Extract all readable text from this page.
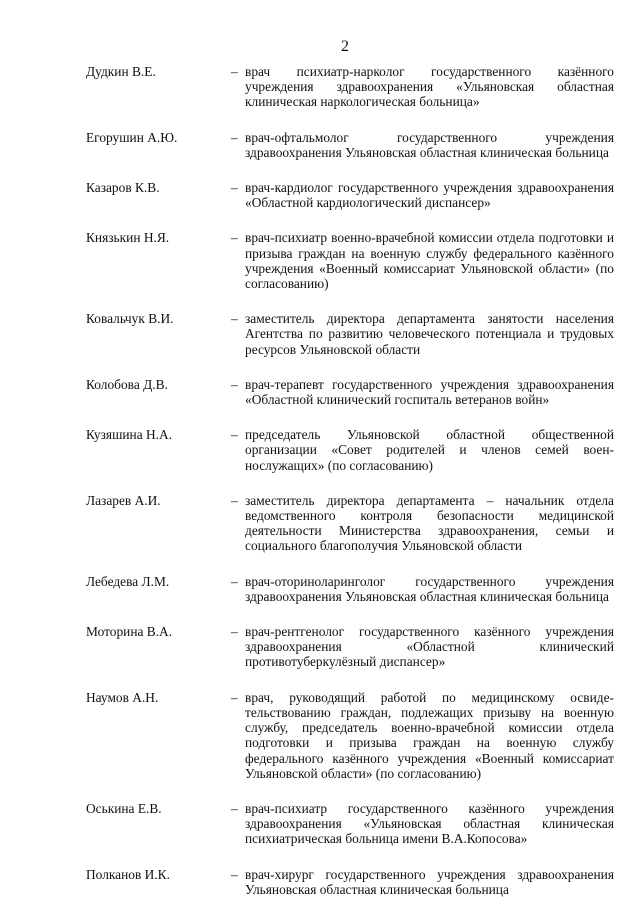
2
Дудкин В.Е.	– врач психиатр-нарколог государственного казённого учреждения здравоохранения «Ульяновская областная клиническая наркологическая больница»
Егорушин А.Ю.	– врач-офтальмолог государственного учреждения здравоохранения Ульяновская областная клиническая больница
Казаров К.В.	– врач-кардиолог государственного учреждения здравоохранения «Областной кардиологический диспансер»
Князькин Н.Я.	– врач-психиатр военно-врачебной комиссии отдела подготовки и призыва граждан на военную службу федерального казённого учреждения «Военный комиссариат Ульяновской области» (по согласованию)
Ковальчук В.И.	– заместитель директора департамента занятости населения Агентства по развитию человеческого потенциала и трудовых ресурсов Ульяновской области
Колобова Д.В.	– врач-терапевт государственного учреждения здравоохранения «Областной клинический госпиталь ветеранов войн»
Кузяшина Н.А.	– председатель Ульяновской областной общественной организации «Совет родителей и членов семей военнослужащих» (по согласованию)
Лазарев А.И.	– заместитель директора департамента – начальник отдела ведомственного контроля безопасности медицинской деятельности Министерства здравоохранения, семьи и социального благополучия Ульяновской области
Лебедева Л.М.	– врач-оториноларинголог государственного учреждения здравоохранения Ульяновская областная клиническая больница
Моторина В.А.	– врач-рентгенолог государственного казённого учреждения здравоохранения «Областной клинический противотуберкулёзный диспансер»
Наумов А.Н.	– врач, руководящий работой по медицинскому освидетельствованию граждан, подлежащих призыву на военную службу, председатель военно-врачебной комиссии отдела подготовки и призыва граждан на военную службу федерального казённого учреждения «Военный комиссариат Ульяновской области» (по согласованию)
Оськина Е.В.	– врач-психиатр государственного казённого учреждения здравоохранения «Ульяновская областная клиническая психиатрическая больница имени В.А.Копосова»
Полканов И.К.	– врач-хирург государственного учреждения здравоохранения Ульяновская областная клиническая больница
